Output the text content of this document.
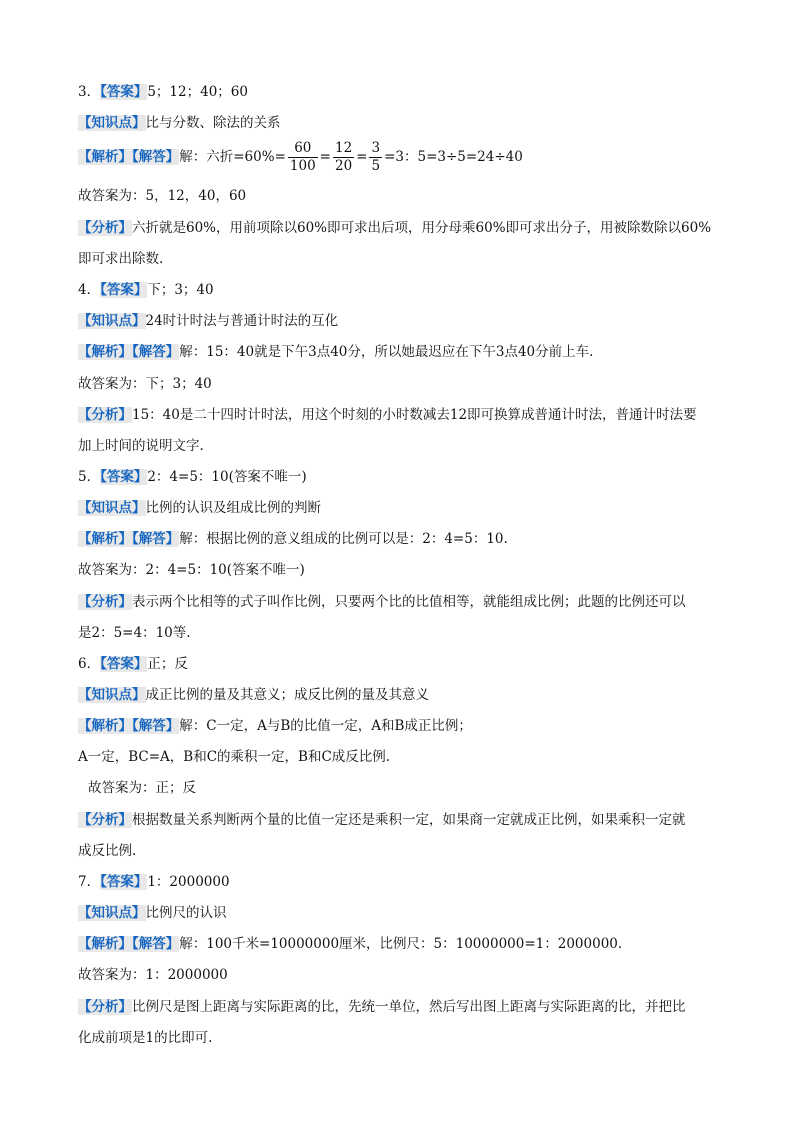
3．【答案】5；12；40；60
【知识点】比与分数、除法的关系
【解析】【解答】解：六折$=60\%= \frac{60}{100} = \frac{12}{20} = \frac{3}{5} =3$：5=3÷5=24÷40
故答案为：5，12，40，60
【分析】六折就是60%，用前项除以60%即可求出后项，用分母乘60%即可求出分子，用被除数除以60%
即可求出除数.
4．【答案】下；3；40
【知识点】24时计时法与普通计时法的互化
【解析】【解答】解：15：40就是下午3点40分，所以她最迟应在下午3点40分前上车.
故答案为：下；3；40
【分析】15：40是二十四时计时法，用这个时刻的小时数减去12即可换算成普通计时法，普通计时法要
加上时间的说明文字.
5．【答案】2：4=5：10(答案不唯一)
【知识点】比例的认识及组成比例的判断
【解析】【解答】解：根据比例的意义组成的比例可以是：2：4=5：10.
故答案为：2：4=5：10(答案不唯一)
【分析】表示两个比相等的式子叫作比例，只要两个比的比值相等，就能组成比例；此题的比例还可以
是2：5=4：10等.
6．【答案】正；反
【知识点】成正比例的量及其意义；成反比例的量及其意义
【解析】【解答】解：C一定，A与B的比值一定，A和B成正比例；
A一定，BC=A，B和C的乘积一定，B和C成反比例.
故答案为：正；反
【分析】根据数量关系判断两个量的比值一定还是乘积一定，如果商一定就成正比例，如果乘积一定就
成反比例.
7．【答案】1：2000000
【知识点】比例尺的认识
【解析】【解答】解：100千米=10000000厘米，比例尺：5：10000000=1：2000000.
故答案为：1：2000000
【分析】比例尺是图上距离与实际距离的比，先统一单位，然后写出图上距离与实际距离的比，并把比
化成前项是1的比即可.
